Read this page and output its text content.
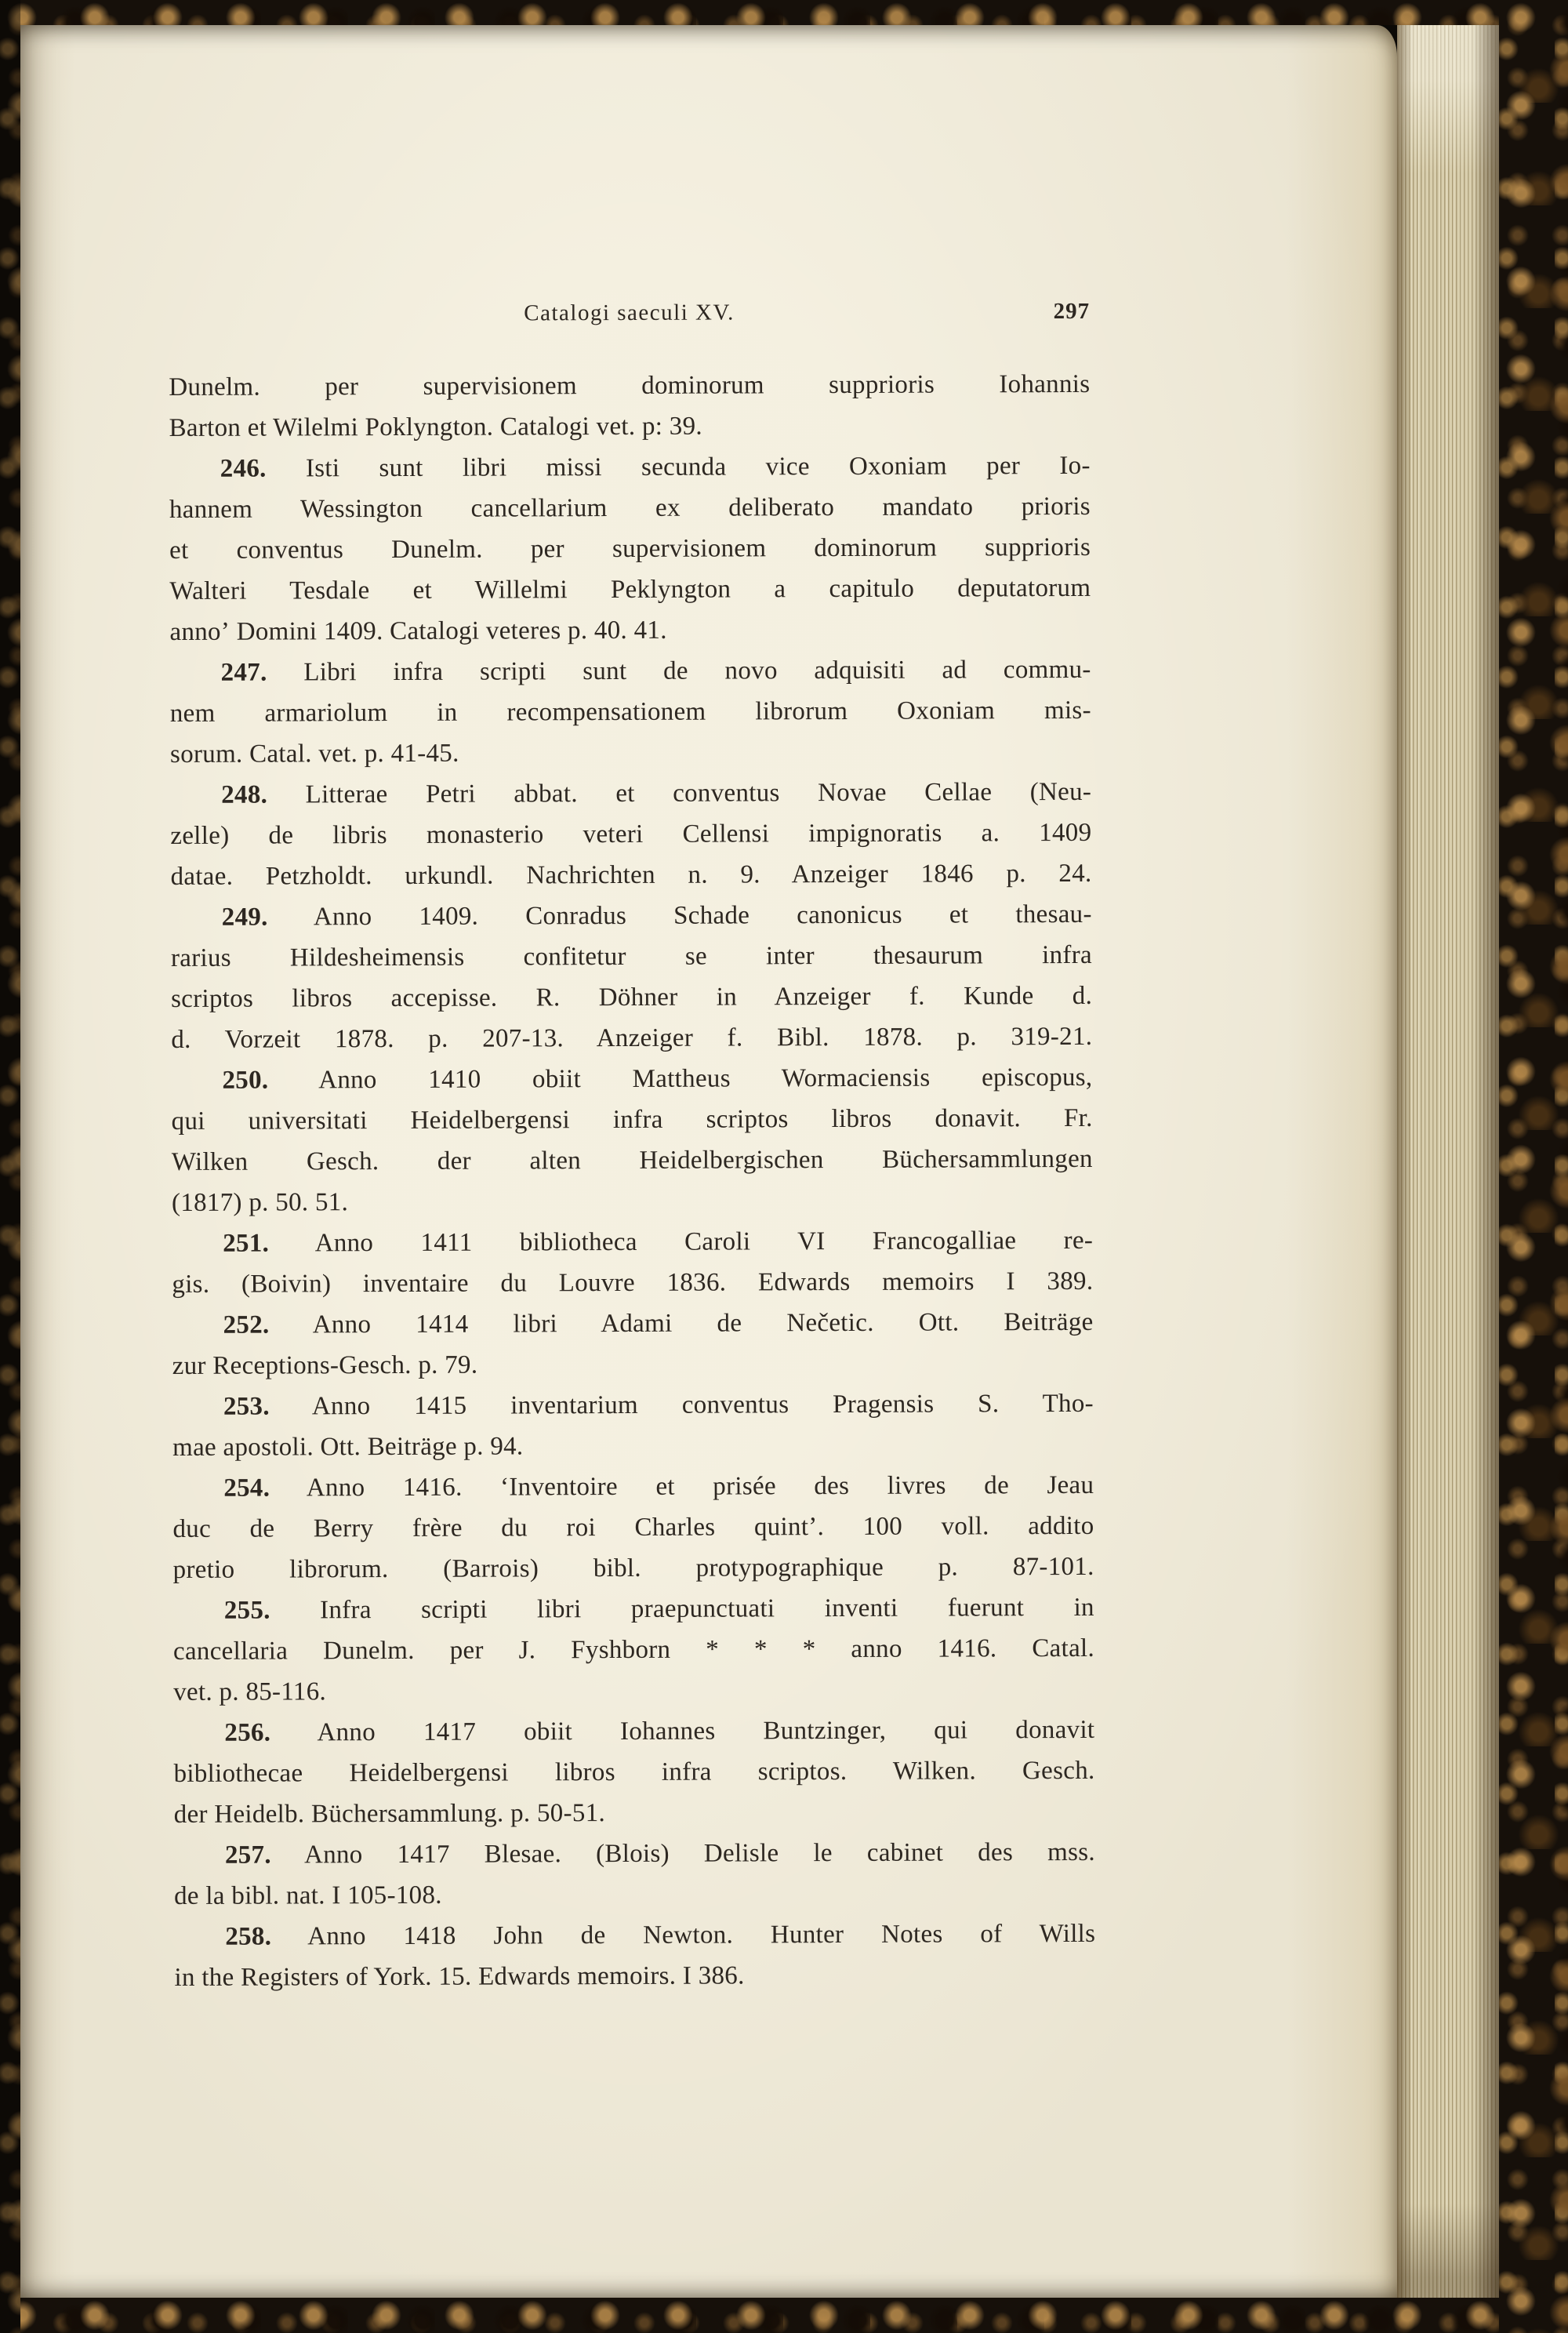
Catalogi saeculi XV.	297
Dunelm. per supervisionem dominorum supprioris Iohannis
Barton et Wilelmi Poklyngton. Catalogi vet. p: 39.
246. Isti sunt libri missi secunda vice Oxoniam per Io-
hannem Wessington cancellarium ex deliberato mandato prioris
et conventus Dunelm. per supervisionem dominorum supprioris
Walteri Tesdale et Willelmi Peklyngton a capitulo deputatorum
annoʼ Domini 1409. Catalogi veteres p. 40. 41.
247. Libri infra scripti sunt de novo adquisiti ad commu-
nem armariolum in recompensationem librorum Oxoniam mis-
sorum. Catal. vet. p. 41-45.
248. Litterae Petri abbat. et conventus Novae Cellae (Neu-
zelle) de libris monasterio veteri Cellensi impignoratis a. 1409
datae. Petzholdt. urkundl. Nachrichten n. 9. Anzeiger 1846 p. 24.
249. Anno 1409. Conradus Schade canonicus et thesau-
rarius Hildesheimensis confitetur se inter thesaurum infra
scriptos libros accepisse. R. Döhner in Anzeiger f. Kunde d.
d. Vorzeit 1878. p. 207-13. Anzeiger f. Bibl. 1878. p. 319-21.
250. Anno 1410 obiit Mattheus Wormaciensis episcopus,
qui universitati Heidelbergensi infra scriptos libros donavit. Fr.
Wilken Gesch. der alten Heidelbergischen Büchersammlungen
(1817) p. 50. 51.
251. Anno 1411 bibliotheca Caroli VI Francogalliae re-
gis. (Boivin) inventaire du Louvre 1836. Edwards memoirs I 389.
252. Anno 1414 libri Adami de Nečetic. Ott. Beiträge
zur Receptions-Gesch. p. 79.
253. Anno 1415 inventarium conventus Pragensis S. Tho-
mae apostoli. Ott. Beiträge p. 94.
254. Anno 1416. ʻInventoire et prisée des livres de Jeau
duc de Berry frère du roi Charles quintʼ. 100 voll. addito
pretio librorum. (Barrois) bibl. protypographique p. 87-101.
255. Infra scripti libri praepunctuati inventi fuerunt in
cancellaria Dunelm. per J. Fyshborn * * * anno 1416. Catal.
vet. p. 85-116.
256. Anno 1417 obiit Iohannes Buntzinger, qui donavit
bibliothecae Heidelbergensi libros infra scriptos. Wilken. Gesch.
der Heidelb. Büchersammlung. p. 50-51.
257. Anno 1417 Blesae. (Blois) Delisle le cabinet des mss.
de la bibl. nat. I 105-108.
258. Anno 1418 John de Newton. Hunter Notes of Wills
in the Registers of York. 15. Edwards memoirs. I 386.
